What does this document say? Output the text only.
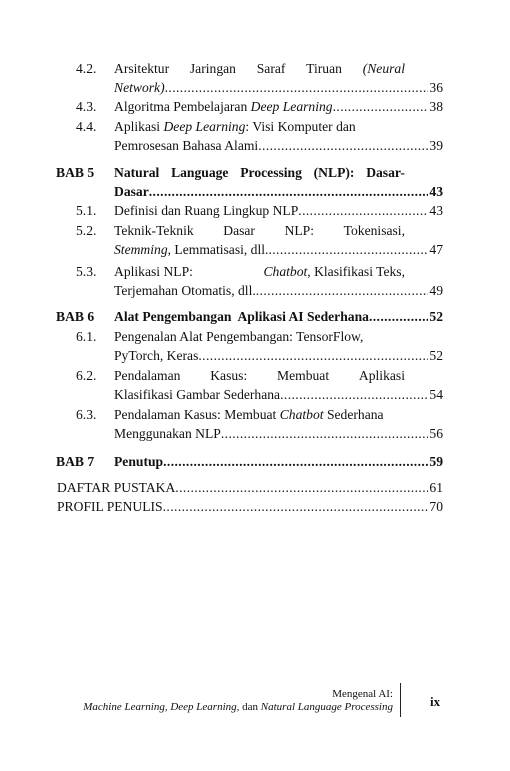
4.2. Arsitektur Jaringan Saraf Tiruan (Neural
Network) .....	36
4.3. Algoritma Pembelajaran Deep Learning .....	38
4.4. Aplikasi Deep Learning: Visi Komputer dan
Pemrosesan Bahasa Alami .....	39
BAB 5 Natural Language Processing (NLP): Dasar-
Dasar .....	43
5.1. Definisi dan Ruang Lingkup NLP .....	43
5.2. Teknik-Teknik Dasar NLP: Tokenisasi,
Stemming, Lemmatisasi, dll. .....	47
5.3. Aplikasi NLP:	Chatbot, Klasifikasi Teks,
Terjemahan Otomatis, dll. .....	49
BAB 6 Alat Pengembangan  Aplikasi AI Sederhana .....	52
6.1. Pengenalan Alat Pengembangan: TensorFlow,
PyTorch, Keras .....	52
6.2. Pendalaman Kasus: Membuat Aplikasi
Klasifikasi Gambar Sederhana .....	54
6.3. Pendalaman Kasus: Membuat Chatbot Sederhana
Menggunakan NLP .....	56
BAB 7 Penutup .....	59
DAFTAR PUSTAKA .....	61
PROFIL PENULIS .....	70
Mengenal AI:
Machine Learning, Deep Learning, dan Natural Language Processing	ix
